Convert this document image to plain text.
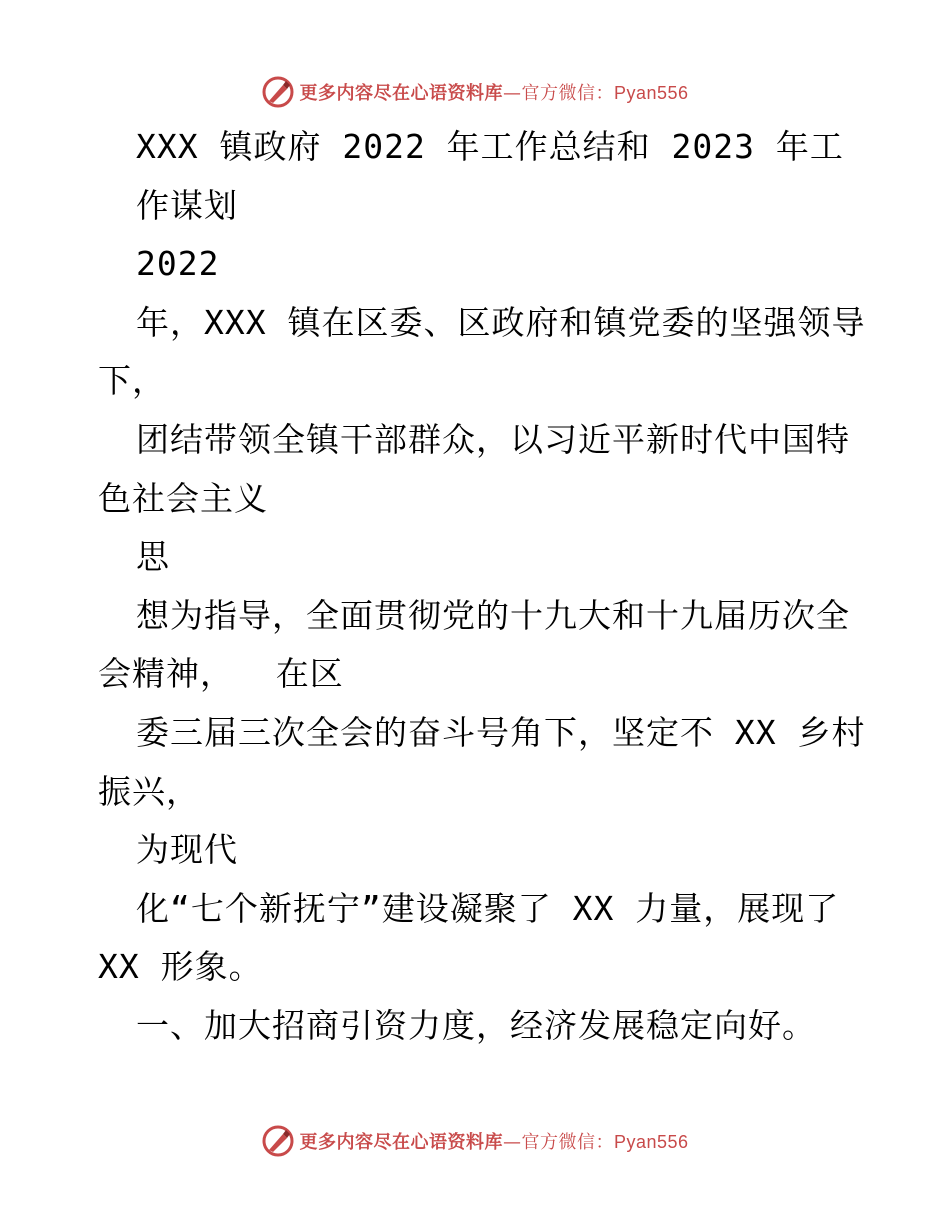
更多内容尽在心语资料库—官方微信：Pyan556
XXX 镇政府 2022 年工作总结和 2023 年工
作谋划
2022
年，XXX 镇在区委、区政府和镇党委的坚强领导
下，
团结带领全镇干部群众，以习近平新时代中国特
色社会主义
思
想为指导，全面贯彻党的十九大和十九届历次全
会精神，  在区
委三届三次全会的奋斗号角下，坚定不 XX 乡村
振兴，
为现代
化“七个新抚宁”建设凝聚了 XX 力量，展现了
XX 形象。
一、加大招商引资力度，经济发展稳定向好。
更多内容尽在心语资料库—官方微信：Pyan556
